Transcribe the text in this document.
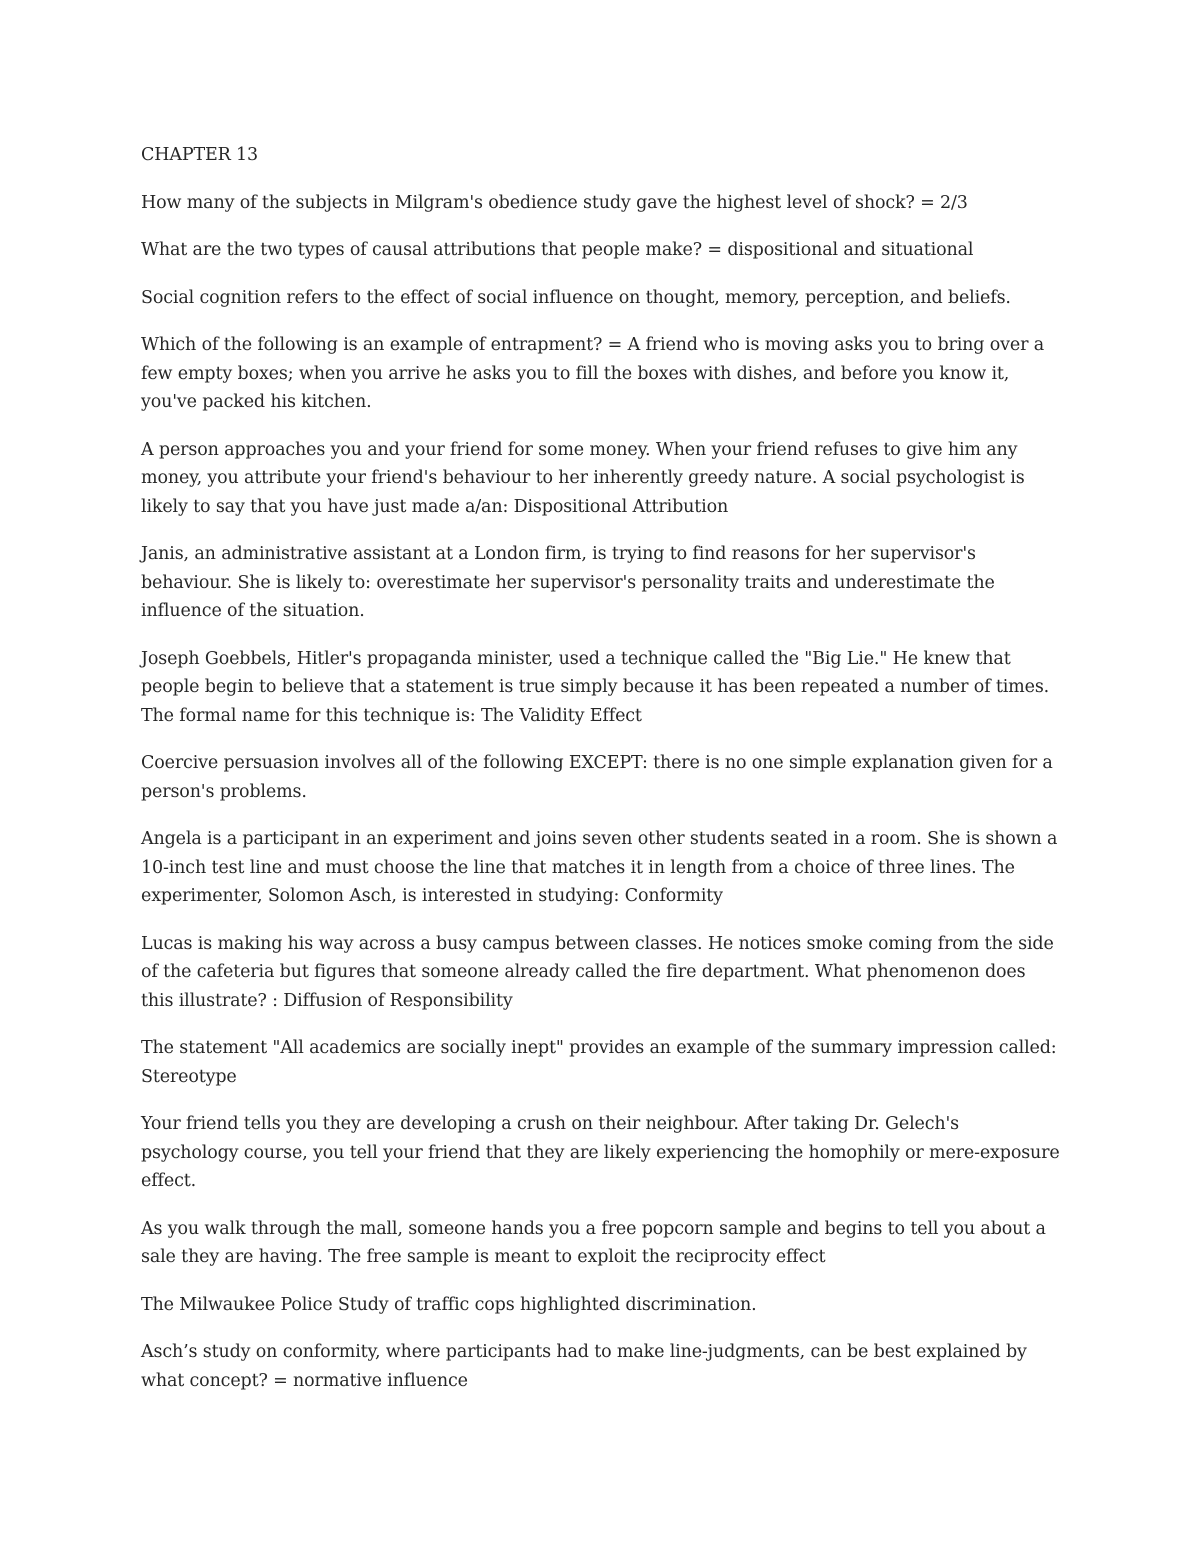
CHAPTER 13

How many of the subjects in Milgram's obedience study gave the highest level of shock? = 2/3

What are the two types of causal attributions that people make? = dispositional and situational

Social cognition refers to the effect of social influence on thought, memory, perception, and beliefs.

Which of the following is an example of entrapment? = A friend who is moving asks you to bring over a few empty boxes; when you arrive he asks you to fill the boxes with dishes, and before you know it, you've packed his kitchen.

A person approaches you and your friend for some money. When your friend refuses to give him any money, you attribute your friend's behaviour to her inherently greedy nature. A social psychologist is likely to say that you have just made a/an: Dispositional Attribution

Janis, an administrative assistant at a London firm, is trying to find reasons for her supervisor's behaviour. She is likely to: overestimate her supervisor's personality traits and underestimate the influence of the situation.

Joseph Goebbels, Hitler's propaganda minister, used a technique called the "Big Lie." He knew that people begin to believe that a statement is true simply because it has been repeated a number of times. The formal name for this technique is: The Validity Effect

Coercive persuasion involves all of the following EXCEPT: there is no one simple explanation given for a person's problems.

Angela is a participant in an experiment and joins seven other students seated in a room. She is shown a 10-inch test line and must choose the line that matches it in length from a choice of three lines. The experimenter, Solomon Asch, is interested in studying: Conformity

Lucas is making his way across a busy campus between classes. He notices smoke coming from the side of the cafeteria but figures that someone already called the fire department. What phenomenon does this illustrate? : Diffusion of Responsibility

The statement "All academics are socially inept" provides an example of the summary impression called: Stereotype

Your friend tells you they are developing a crush on their neighbour. After taking Dr. Gelech's psychology course, you tell your friend that they are likely experiencing the homophily or mere-exposure effect.

As you walk through the mall, someone hands you a free popcorn sample and begins to tell you about a sale they are having. The free sample is meant to exploit the reciprocity effect

The Milwaukee Police Study of traffic cops highlighted discrimination.

Asch’s study on conformity, where participants had to make line-judgments, can be best explained by what concept? = normative influence
